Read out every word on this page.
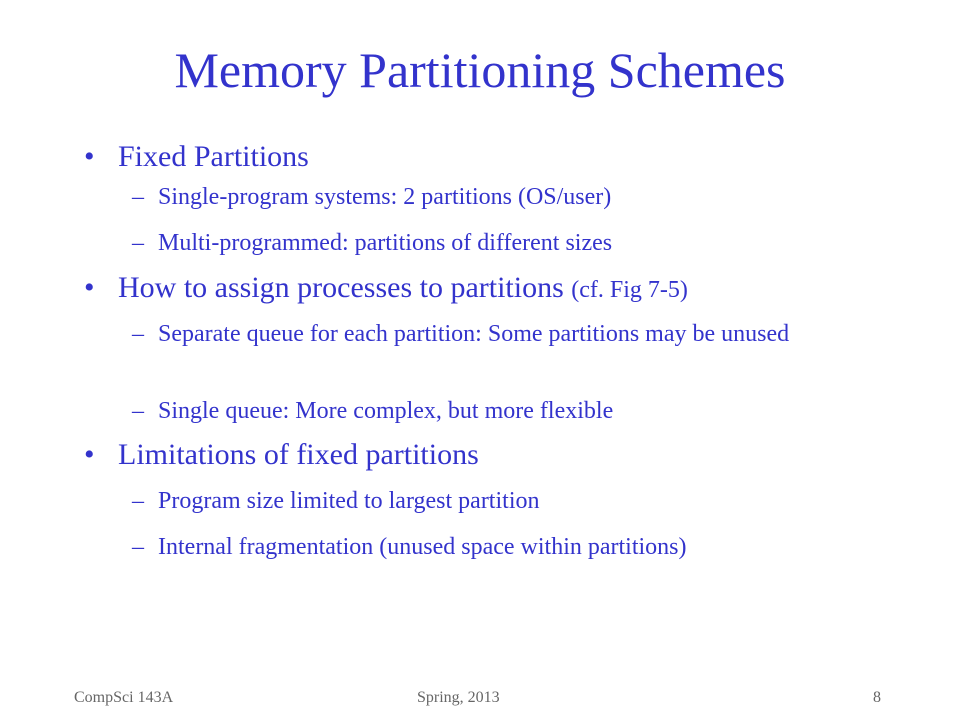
Memory Partitioning Schemes
• Fixed Partitions
– Single-program systems: 2 partitions (OS/user)
– Multi-programmed: partitions of different sizes
• How to assign processes to partitions (cf. Fig 7-5)
– Separate queue for each partition: Some partitions may be unused
– Single queue: More complex, but more flexible
• Limitations of fixed partitions
– Program size limited to largest partition
– Internal fragmentation (unused space within partitions)
CompSci 143A	Spring, 2013	8
